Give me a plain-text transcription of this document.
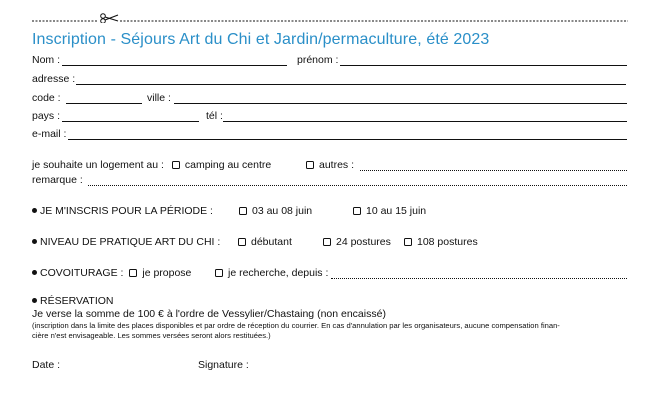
Inscription - Séjours Art du Chi et Jardin/permaculture, été 2023
Nom :	prénom :
adresse :
code :	ville :
pays :	tél :
e-mail :
je souhaite un logement au : camping au centre	autres :
remarque :
JE M'INSCRIS POUR LA PÉRIODE :	03 au 08 juin	10 au 15 juin
NIVEAU DE PRATIQUE ART DU CHI :	débutant	24 postures	108 postures
COVOITURAGE : je propose	je recherche, depuis :
RÉSERVATION
Je verse la somme de 100 € à l'ordre de Vessylier/Chastaing (non encaissé)
(inscription dans la limite des places disponibles et par ordre de réception du courrier. En cas d'annulation par les organisateurs, aucune compensation finan-
cière n'est envisageable. Les sommes versées seront alors restituées.)
Date :	Signature :
